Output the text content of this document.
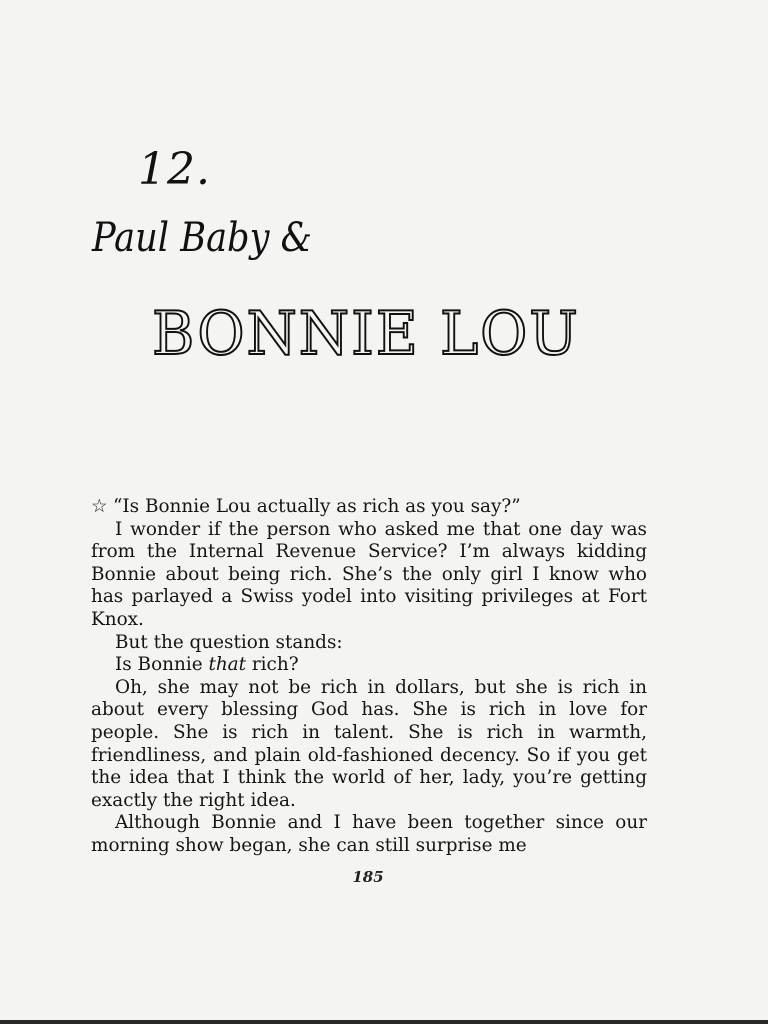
12.
Paul Baby &
BONNIE LOU

☆ “Is Bonnie Lou actually as rich as you say?”

I wonder if the person who asked me that one day was from the Internal Revenue Service? I’m always kidding Bonnie about being rich. She’s the only girl I know who has parlayed a Swiss yodel into visiting privileges at Fort Knox.

But the question stands:

Is Bonnie that rich?

Oh, she may not be rich in dollars, but she is rich in about every blessing God has. She is rich in love for people. She is rich in talent. She is rich in warmth, friendliness, and plain old-fashioned decency. So if you get the idea that I think the world of her, lady, you’re getting exactly the right idea.

Although Bonnie and I have been together since our morning show began, she can still surprise me

185
